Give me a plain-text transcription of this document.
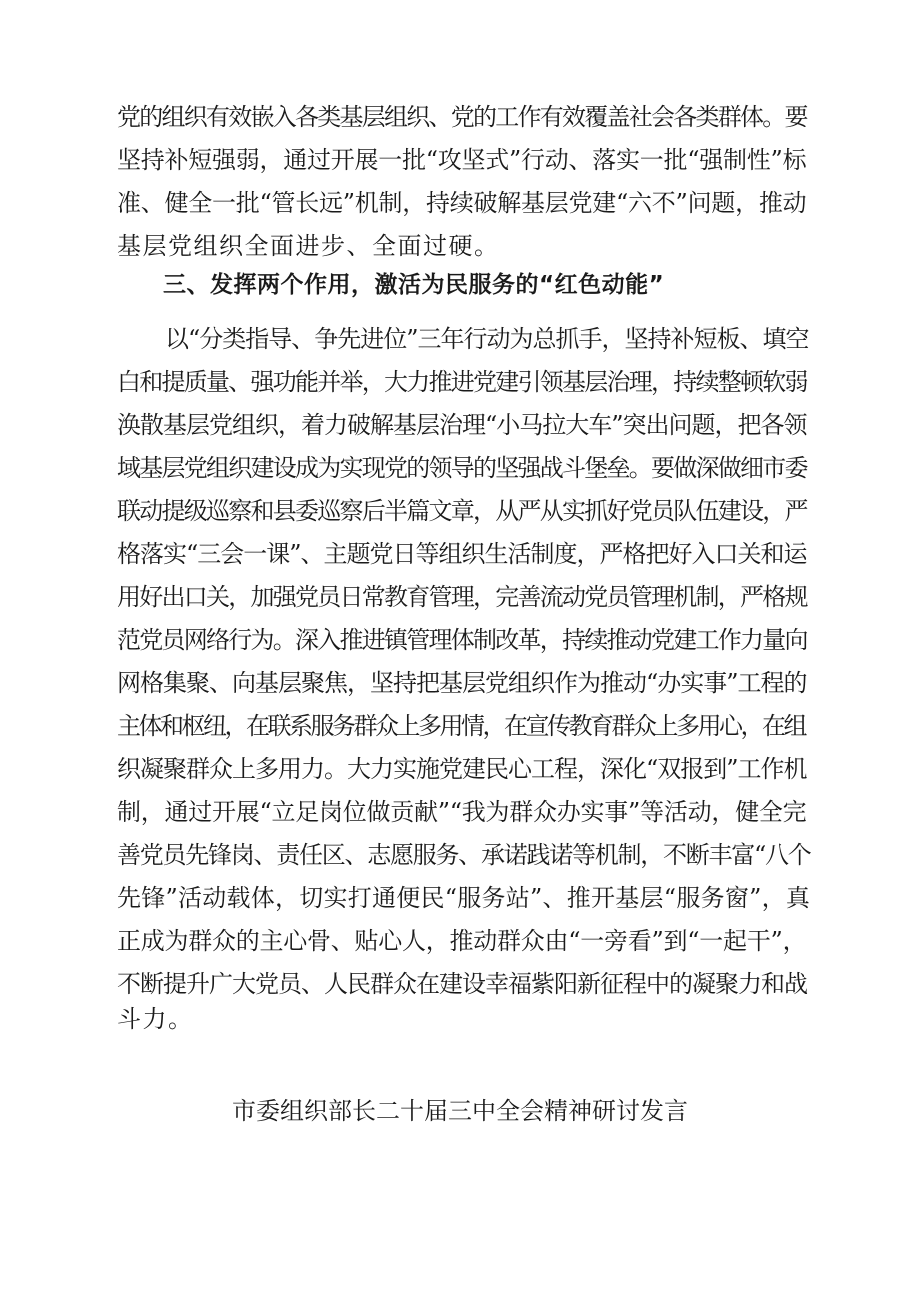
党的组织有效嵌入各类基层组织、党的工作有效覆盖社会各类群体。要
坚持补短强弱，通过开展一批“攻坚式”行动、落实一批“强制性”标
准、健全一批“管长远”机制，持续破解基层党建“六不”问题，推动
基层党组织全面进步、全面过硬。
三、发挥两个作用，激活为民服务的“红色动能”
以“分类指导、争先进位”三年行动为总抓手，坚持补短板、填空
白和提质量、强功能并举，大力推进党建引领基层治理，持续整顿软弱
涣散基层党组织，着力破解基层治理“小马拉大车”突出问题，把各领
域基层党组织建设成为实现党的领导的坚强战斗堡垒。要做深做细市委
联动提级巡察和县委巡察后半篇文章，从严从实抓好党员队伍建设，严
格落实“三会一课”、主题党日等组织生活制度，严格把好入口关和运
用好出口关，加强党员日常教育管理，完善流动党员管理机制，严格规
范党员网络行为。深入推进镇管理体制改革，持续推动党建工作力量向
网格集聚、向基层聚焦，坚持把基层党组织作为推动“办实事”工程的
主体和枢纽，在联系服务群众上多用情，在宣传教育群众上多用心，在组
织凝聚群众上多用力。大力实施党建民心工程，深化“双报到”工作机
制，通过开展“立足岗位做贡献”“我为群众办实事”等活动，健全完
善党员先锋岗、责任区、志愿服务、承诺践诺等机制，不断丰富“八个
先锋”活动载体，切实打通便民“服务站”、推开基层“服务窗”，真
正成为群众的主心骨、贴心人，推动群众由“一旁看”到“一起干”，
不断提升广大党员、人民群众在建设幸福紫阳新征程中的凝聚力和战
斗力。
市委组织部长二十届三中全会精神研讨发言
